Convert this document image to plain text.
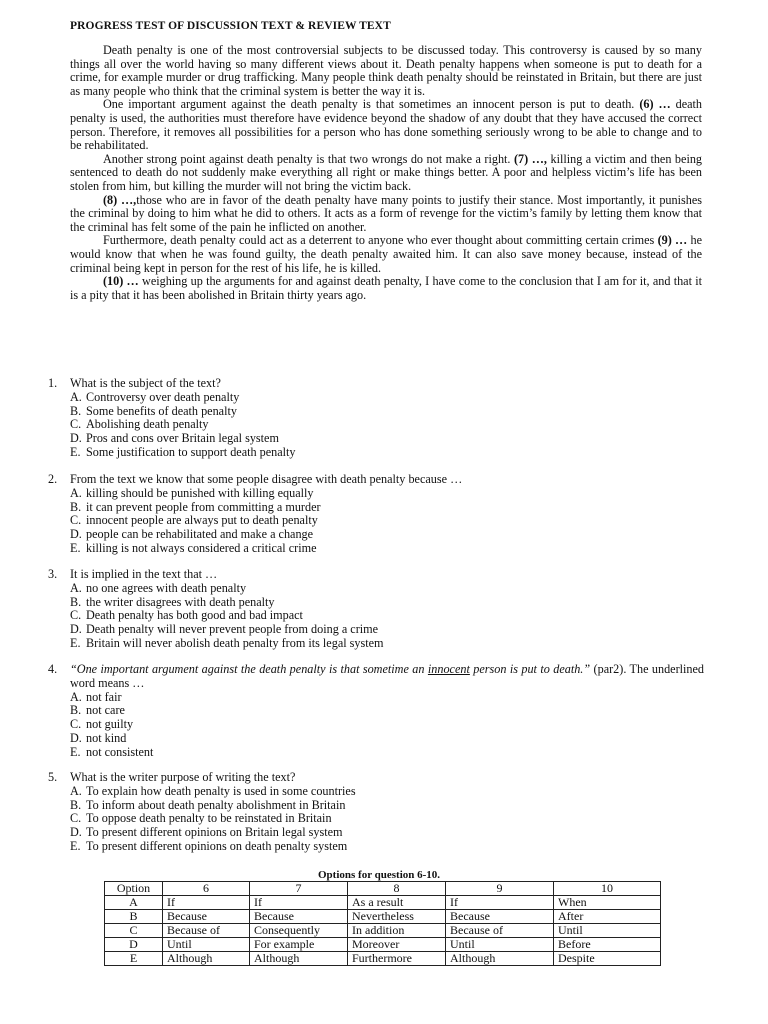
PROGRESS TEST OF DISCUSSION TEXT & REVIEW TEXT

Death penalty is one of the most controversial subjects to be discussed today. This controversy is caused by so many things all over the world having so many different views about it. Death penalty happens when someone is put to death for a crime, for example murder or drug trafficking. Many people think death penalty should be reinstated in Britain, but there are just as many people who think that the criminal system is better the way it is.

One important argument against the death penalty is that sometimes an innocent person is put to death. (6) … death penalty is used, the authorities must therefore have evidence beyond the shadow of any doubt that they have accused the correct person. Therefore, it removes all possibilities for a person who has done something seriously wrong to be able to change and to be rehabilitated.

Another strong point against death penalty is that two wrongs do not make a right. (7) …, killing a victim and then being sentenced to death do not suddenly make everything all right or make things better. A poor and helpless victim’s life has been stolen from him, but killing the murder will not bring the victim back.

(8) …,those who are in favor of the death penalty have many points to justify their stance. Most importantly, it punishes the criminal by doing to him what he did to others. It acts as a form of revenge for the victim’s family by letting them know that the criminal has felt some of the pain he inflicted on another.

Furthermore, death penalty could act as a deterrent to anyone who ever thought about committing certain crimes (9) … he would know that when he was found guilty, the death penalty awaited him. It can also save money because, instead of the criminal being kept in person for the rest of his life, he is killed.

(10) … weighing up the arguments for and against death penalty, I have come to the conclusion that I am for it, and that it is a pity that it has been abolished in Britain thirty years ago.

1.	What is the subject of the text?
A. Controversy over death penalty
B. Some benefits of death penalty
C. Abolishing death penalty
D. Pros and cons over Britain legal system
E. Some justification to support death penalty
2.	From the text we know that some people disagree with death penalty because …
A. killing should be punished with killing equally
B. it can prevent people from committing a murder
C. innocent people are always put to death penalty
D. people can be rehabilitated and make a change
E. killing is not always considered a critical crime
3.	It is implied in the text that …
A. no one agrees with death penalty
B. the writer disagrees with death penalty
C. Death penalty has both good and bad impact
D. Death penalty will never prevent people from doing a crime
E. Britain will never abolish death penalty from its legal system
4.	“One important argument against the death penalty is that sometime an innocent person is put to death.” (par2). The underlined word means …
A. not fair
B. not care
C. not guilty
D. not kind
E. not consistent
5.	What is the writer purpose of writing the text?
A. To explain how death penalty is used in some countries
B. To inform about death penalty abolishment in Britain
C. To oppose death penalty to be reinstated in Britain
D. To present different opinions on Britain legal system
E. To present different opinions on death penalty system
Options for question 6-10.
Option	6	7	8	9	10
A	If	If	As a result	If	When
B	Because	Because	Nevertheless	Because	After
C	Because of	Consequently	In addition	Because of	Until
D	Until	For example	Moreover	Until	Before
E	Although	Although	Furthermore	Although	Despite
